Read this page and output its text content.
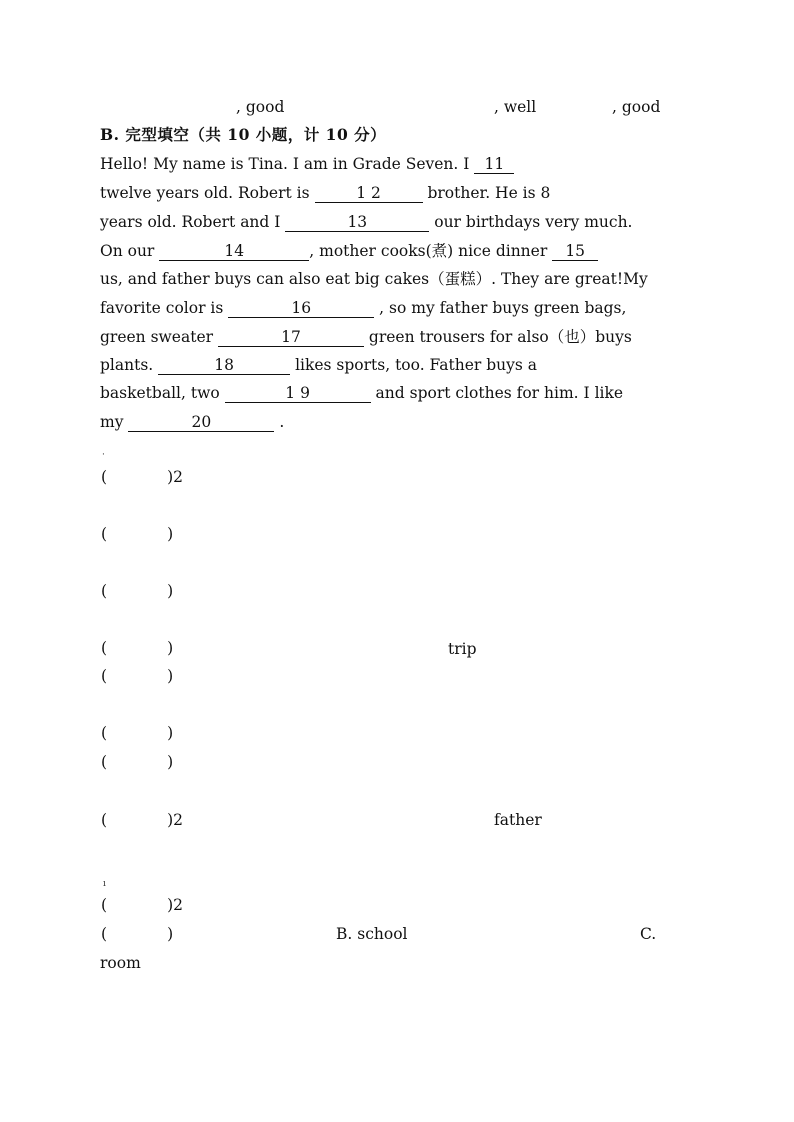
, good	, well	, good
B. 完型填空（共 10 小题，计 10 分）
Hello! My name is Tina. I am in Grade Seven. I 11
twelve years old. Robert is	1 2	brother. He is 8
years old. Robert and I	13	our birthdays very much.
On our	14	, mother cooks(煮) nice dinner 15
us, and father buys can also eat big cakes（蛋糕）. They are great!My
favorite color is	16	, so my father buys green bags,
green sweater	17	green trousers for also（也）buys
plants.	18	likes sports, too. Father buys a
basketball, two	1 9	and sport clothes for him. I like
my	20	.
·
(	)2
(	)
(	)
(	)	trip
(	)
(	)
(	)
(	)2	father
ı
(	)2
(	)	B. school	C.
room
